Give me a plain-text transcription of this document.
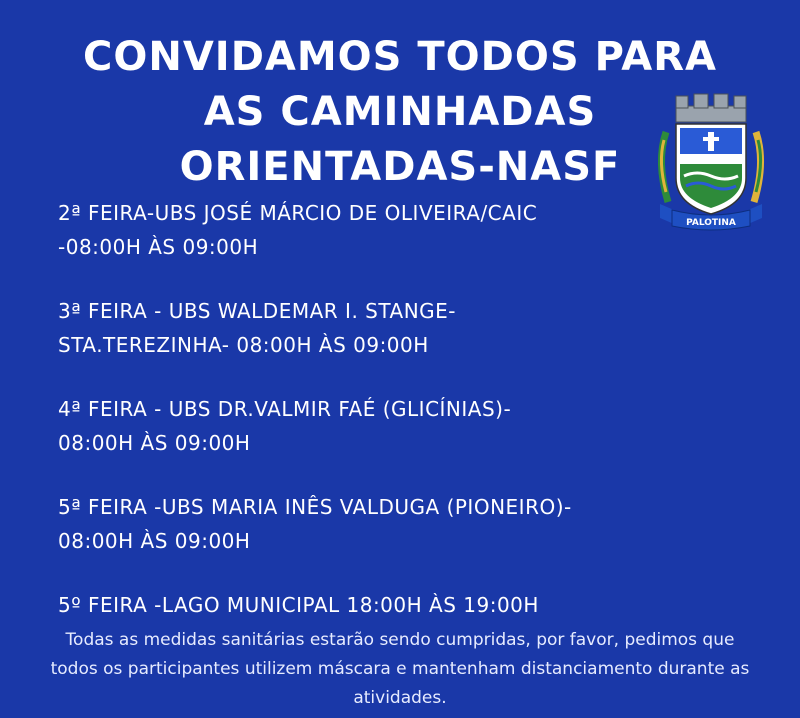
CONVIDAMOS TODOS PARA
AS CAMINHADAS
ORIENTADAS-NASF
PALOTINA
2ª FEIRA-UBS JOSÉ MÁRCIO DE OLIVEIRA/CAIC
-08:00H ÀS 09:00H
3ª FEIRA - UBS WALDEMAR I. STANGE-
STA.TEREZINHA- 08:00H ÀS 09:00H
4ª FEIRA - UBS DR.VALMIR FAÉ (GLICÍNIAS)-
08:00H ÀS 09:00H
5ª FEIRA -UBS MARIA INÊS VALDUGA (PIONEIRO)-
08:00H ÀS 09:00H
5º FEIRA -LAGO MUNICIPAL 18:00H ÀS 19:00H
Todas as medidas sanitárias estarão sendo cumpridas, por favor, pedimos que
todos os participantes utilizem máscara e mantenham distanciamento durante as
atividades.
